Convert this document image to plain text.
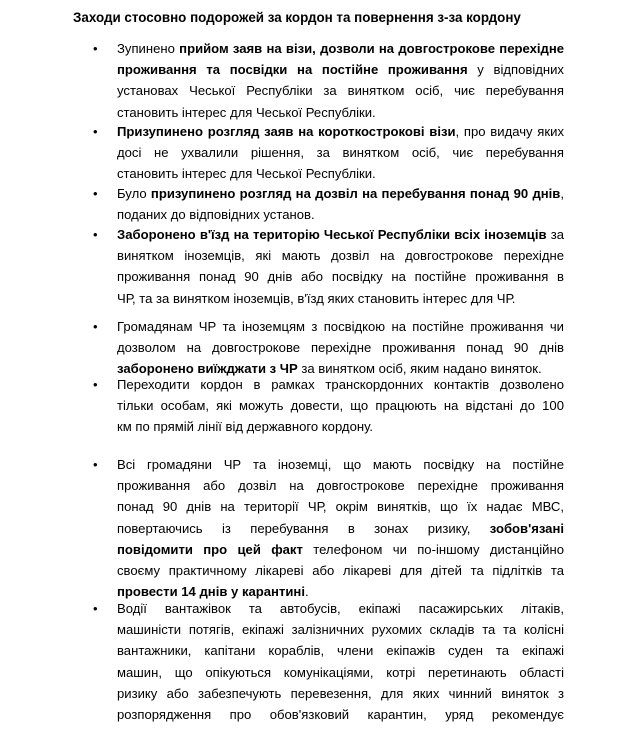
Заходи стосовно подорожей за кордон та повернення з-за кордону
• Зупинено прийом заяв на візи, дозволи на довгострокове перехідне
проживання та посвідки на постійне проживання у відповідних
установах Чеської Республіки за винятком осіб, чиє перебування
становить інтерес для Чеської Республіки.
• Призупинено розгляд заяв на короткострокові візи, про видачу яких
досі не ухвалили рішення, за винятком осіб, чиє перебування
становить інтерес для Чеської Республіки.
• Було призупинено розгляд на дозвіл на перебування понад 90 днів,
поданих до відповідних установ.
• Заборонено в'їзд на територію Чеської Республіки всіх іноземців за
винятком іноземців, які мають дозвіл на довгострокове перехідне
проживання понад 90 днів або посвідку на постійне проживання в
ЧР, та за винятком іноземців, в'їзд яких становить інтерес для ЧР.
• Громадянам ЧР та іноземцям з посвідкою на постійне проживання чи
дозволом на довгострокове перехідне проживання понад 90 днів
заборонено виїжджати з ЧР за винятком осіб, яким надано виняток.
• Переходити кордон в рамках транскордонних контактів дозволено
тільки особам, які можуть довести, що працюють на відстані до 100
км по прямій лінії від державного кордону.
• Всі громадяни ЧР та іноземці, що мають посвідку на постійне
проживання або дозвіл на довгострокове перехідне проживання
понад 90 днів на території ЧР, окрім винятків, що їх надає МВС,
повертаючись із перебування в зонах ризику, зобов'язані
повідомити про цей факт телефоном чи по-іншому дистанційно
своєму практичному лікареві або лікареві для дітей та підлітків та
провести 14 днів у карантині.
• Водії вантажівок та автобусів, екіпажі пасажирських літаків,
машиністи потягів, екіпажі залізничних рухомих складів та та колісні
вантажники, капітани кораблів, члени екіпажів суден та екіпажі
машин, що опікуються комунікаціями, котрі перетинають області
ризику або забезпечують перевезення, для яких чинний виняток з
розпорядження про обов'язковий карантин, уряд рекомендує
